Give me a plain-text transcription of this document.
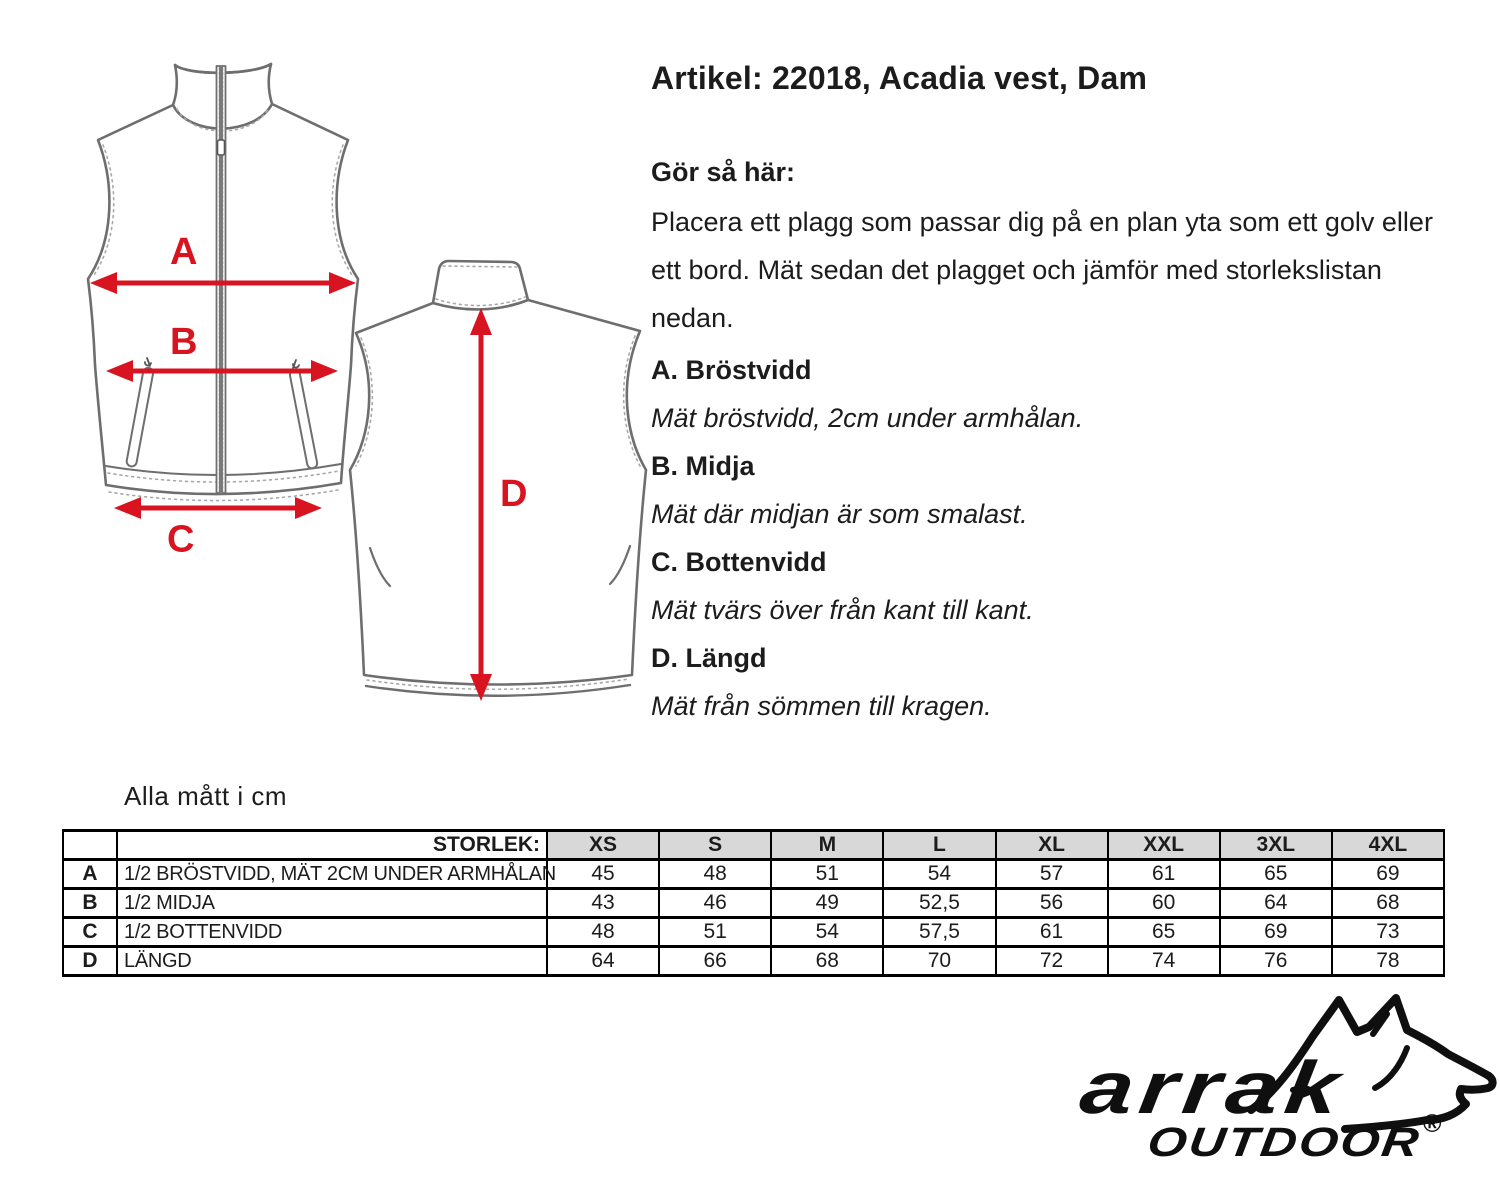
A
B
C
D
Artikel: 22018, Acadia vest, Dam
Gör så här:

Placera ett plagg som passar dig på en plan yta som ett golv eller ett bord. Mät sedan det plagget och jämför med storlekslistan nedan.

A. Bröstvidd
Mät bröstvidd, 2cm under armhålan.
B. Midja
Mät där midjan är som smalast.
C. Bottenvidd
Mät tvärs över från kant till kant.
D. Längd
Mät från sömmen till kragen.
Alla mått i cm
	STORLEK:	XS	S	M	L	XL	XXL	3XL	4XL
A	1/2 BRÖSTVIDD, MÄT 2CM UNDER ARMHÅLAN	45	48	51	54	57	61	65	69
B	1/2 MIDJA	43	46	49	52,5	56	60	64	68
C	1/2 BOTTENVIDD	48	51	54	57,5	61	65	69	73
D	LÄNGD	64	66	68	70	72	74	76	78
arrak
OUTDOOR ®
